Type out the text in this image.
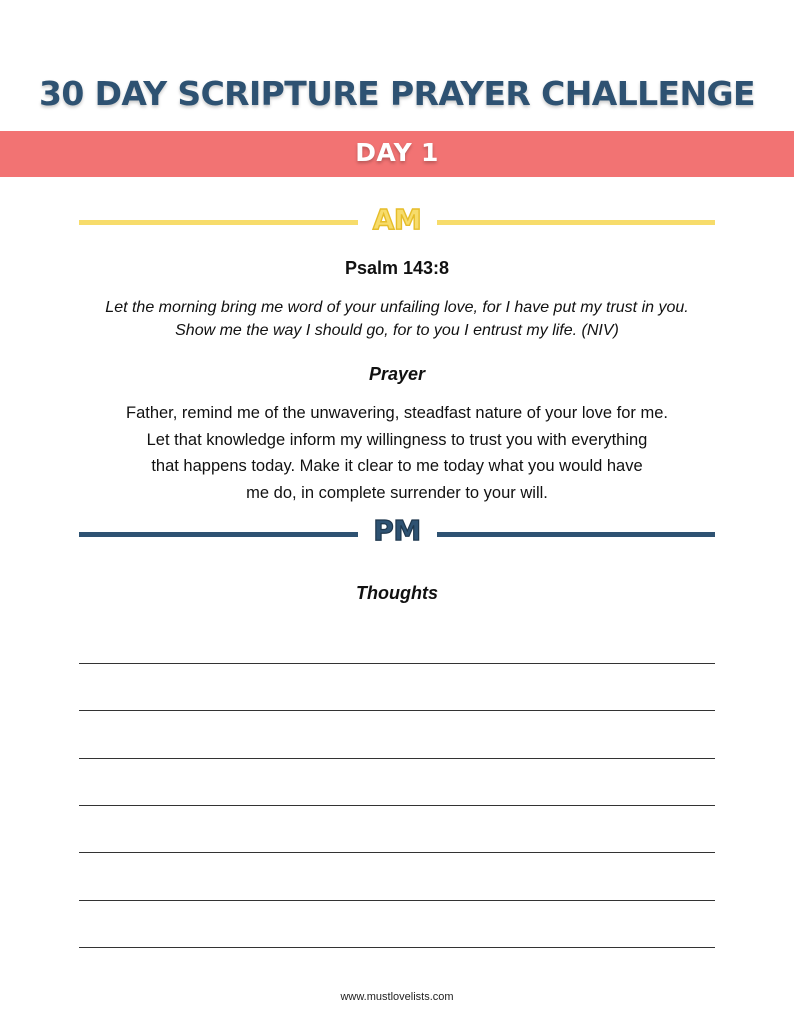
30 DAY SCRIPTURE PRAYER CHALLENGE
DAY 1
AM
Psalm 143:8
Let the morning bring me word of your unfailing love, for I have put my trust in you.
Show me the way I should go, for to you I entrust my life. (NIV)
Prayer
Father, remind me of the unwavering, steadfast nature of your love for me.
Let that knowledge inform my willingness to trust you with everything
that happens today. Make it clear to me today what you would have
me do, in complete surrender to your will.
PM
Thoughts
www.mustlovelists.com
